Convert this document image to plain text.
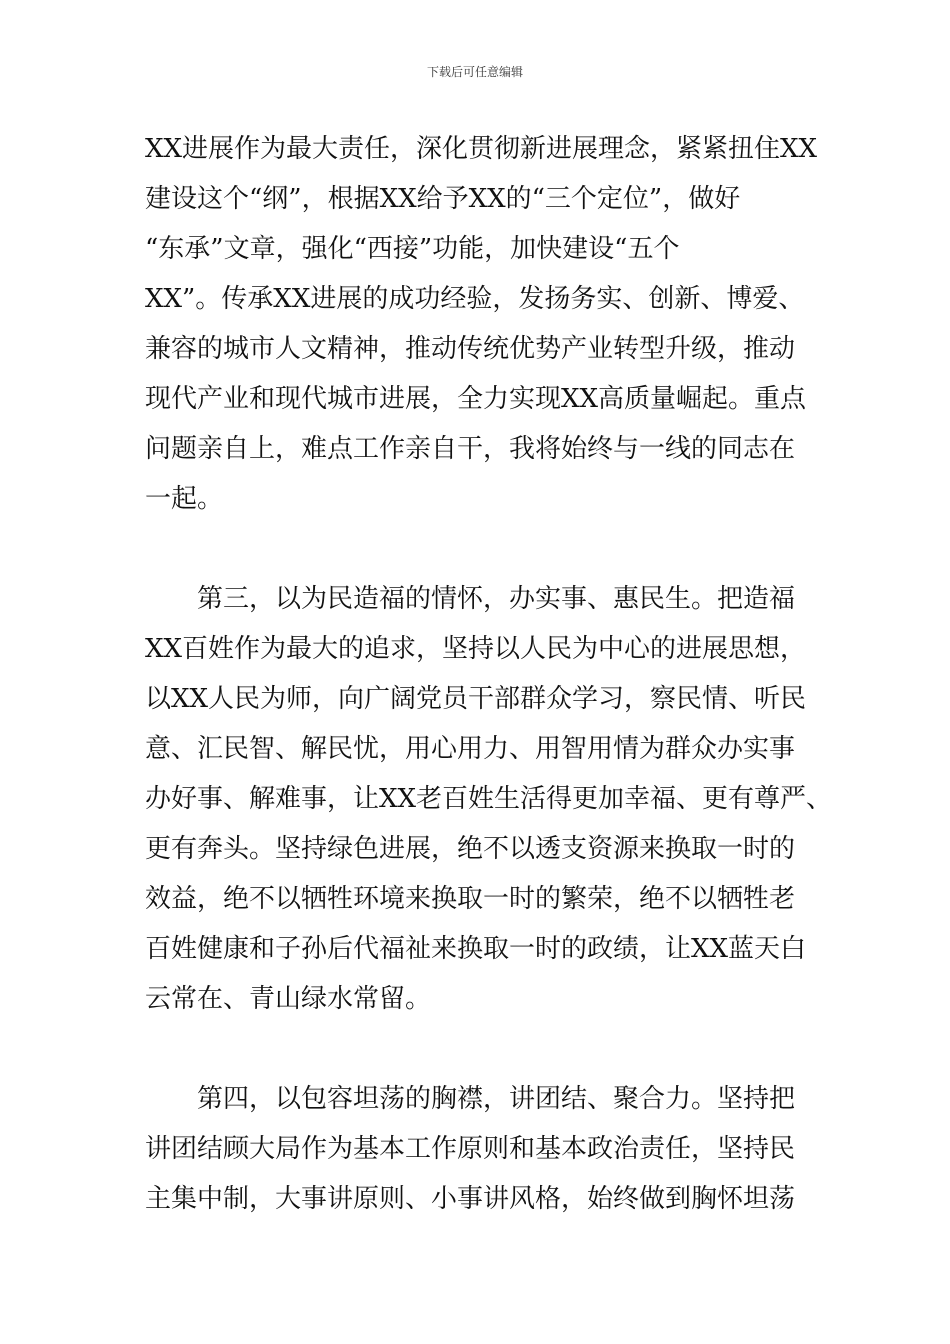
下载后可任意编辑
XX进展作为最大责任，深化贯彻新进展理念，紧紧扭住XX
建设这个“纲”，根据XX给予XX的“三个定位”，做好
“东承”文章，强化“西接”功能，加快建设“五个
XX”。传承XX进展的成功经验，发扬务实、创新、博爱、
兼容的城市人文精神，推动传统优势产业转型升级，推动
现代产业和现代城市进展，全力实现XX高质量崛起。重点
问题亲自上，难点工作亲自干，我将始终与一线的同志在
一起。
　　第三，以为民造福的情怀，办实事、惠民生。把造福
XX百姓作为最大的追求，坚持以人民为中心的进展思想，
以XX人民为师，向广阔党员干部群众学习，察民情、听民
意、汇民智、解民忧，用心用力、用智用情为群众办实事
办好事、解难事，让XX老百姓生活得更加幸福、更有尊严、
更有奔头。坚持绿色进展，绝不以透支资源来换取一时的
效益，绝不以牺牲环境来换取一时的繁荣，绝不以牺牲老
百姓健康和子孙后代福祉来换取一时的政绩，让XX蓝天白
云常在、青山绿水常留。
　　第四，以包容坦荡的胸襟，讲团结、聚合力。坚持把
讲团结顾大局作为基本工作原则和基本政治责任，坚持民
主集中制，大事讲原则、小事讲风格，始终做到胸怀坦荡
